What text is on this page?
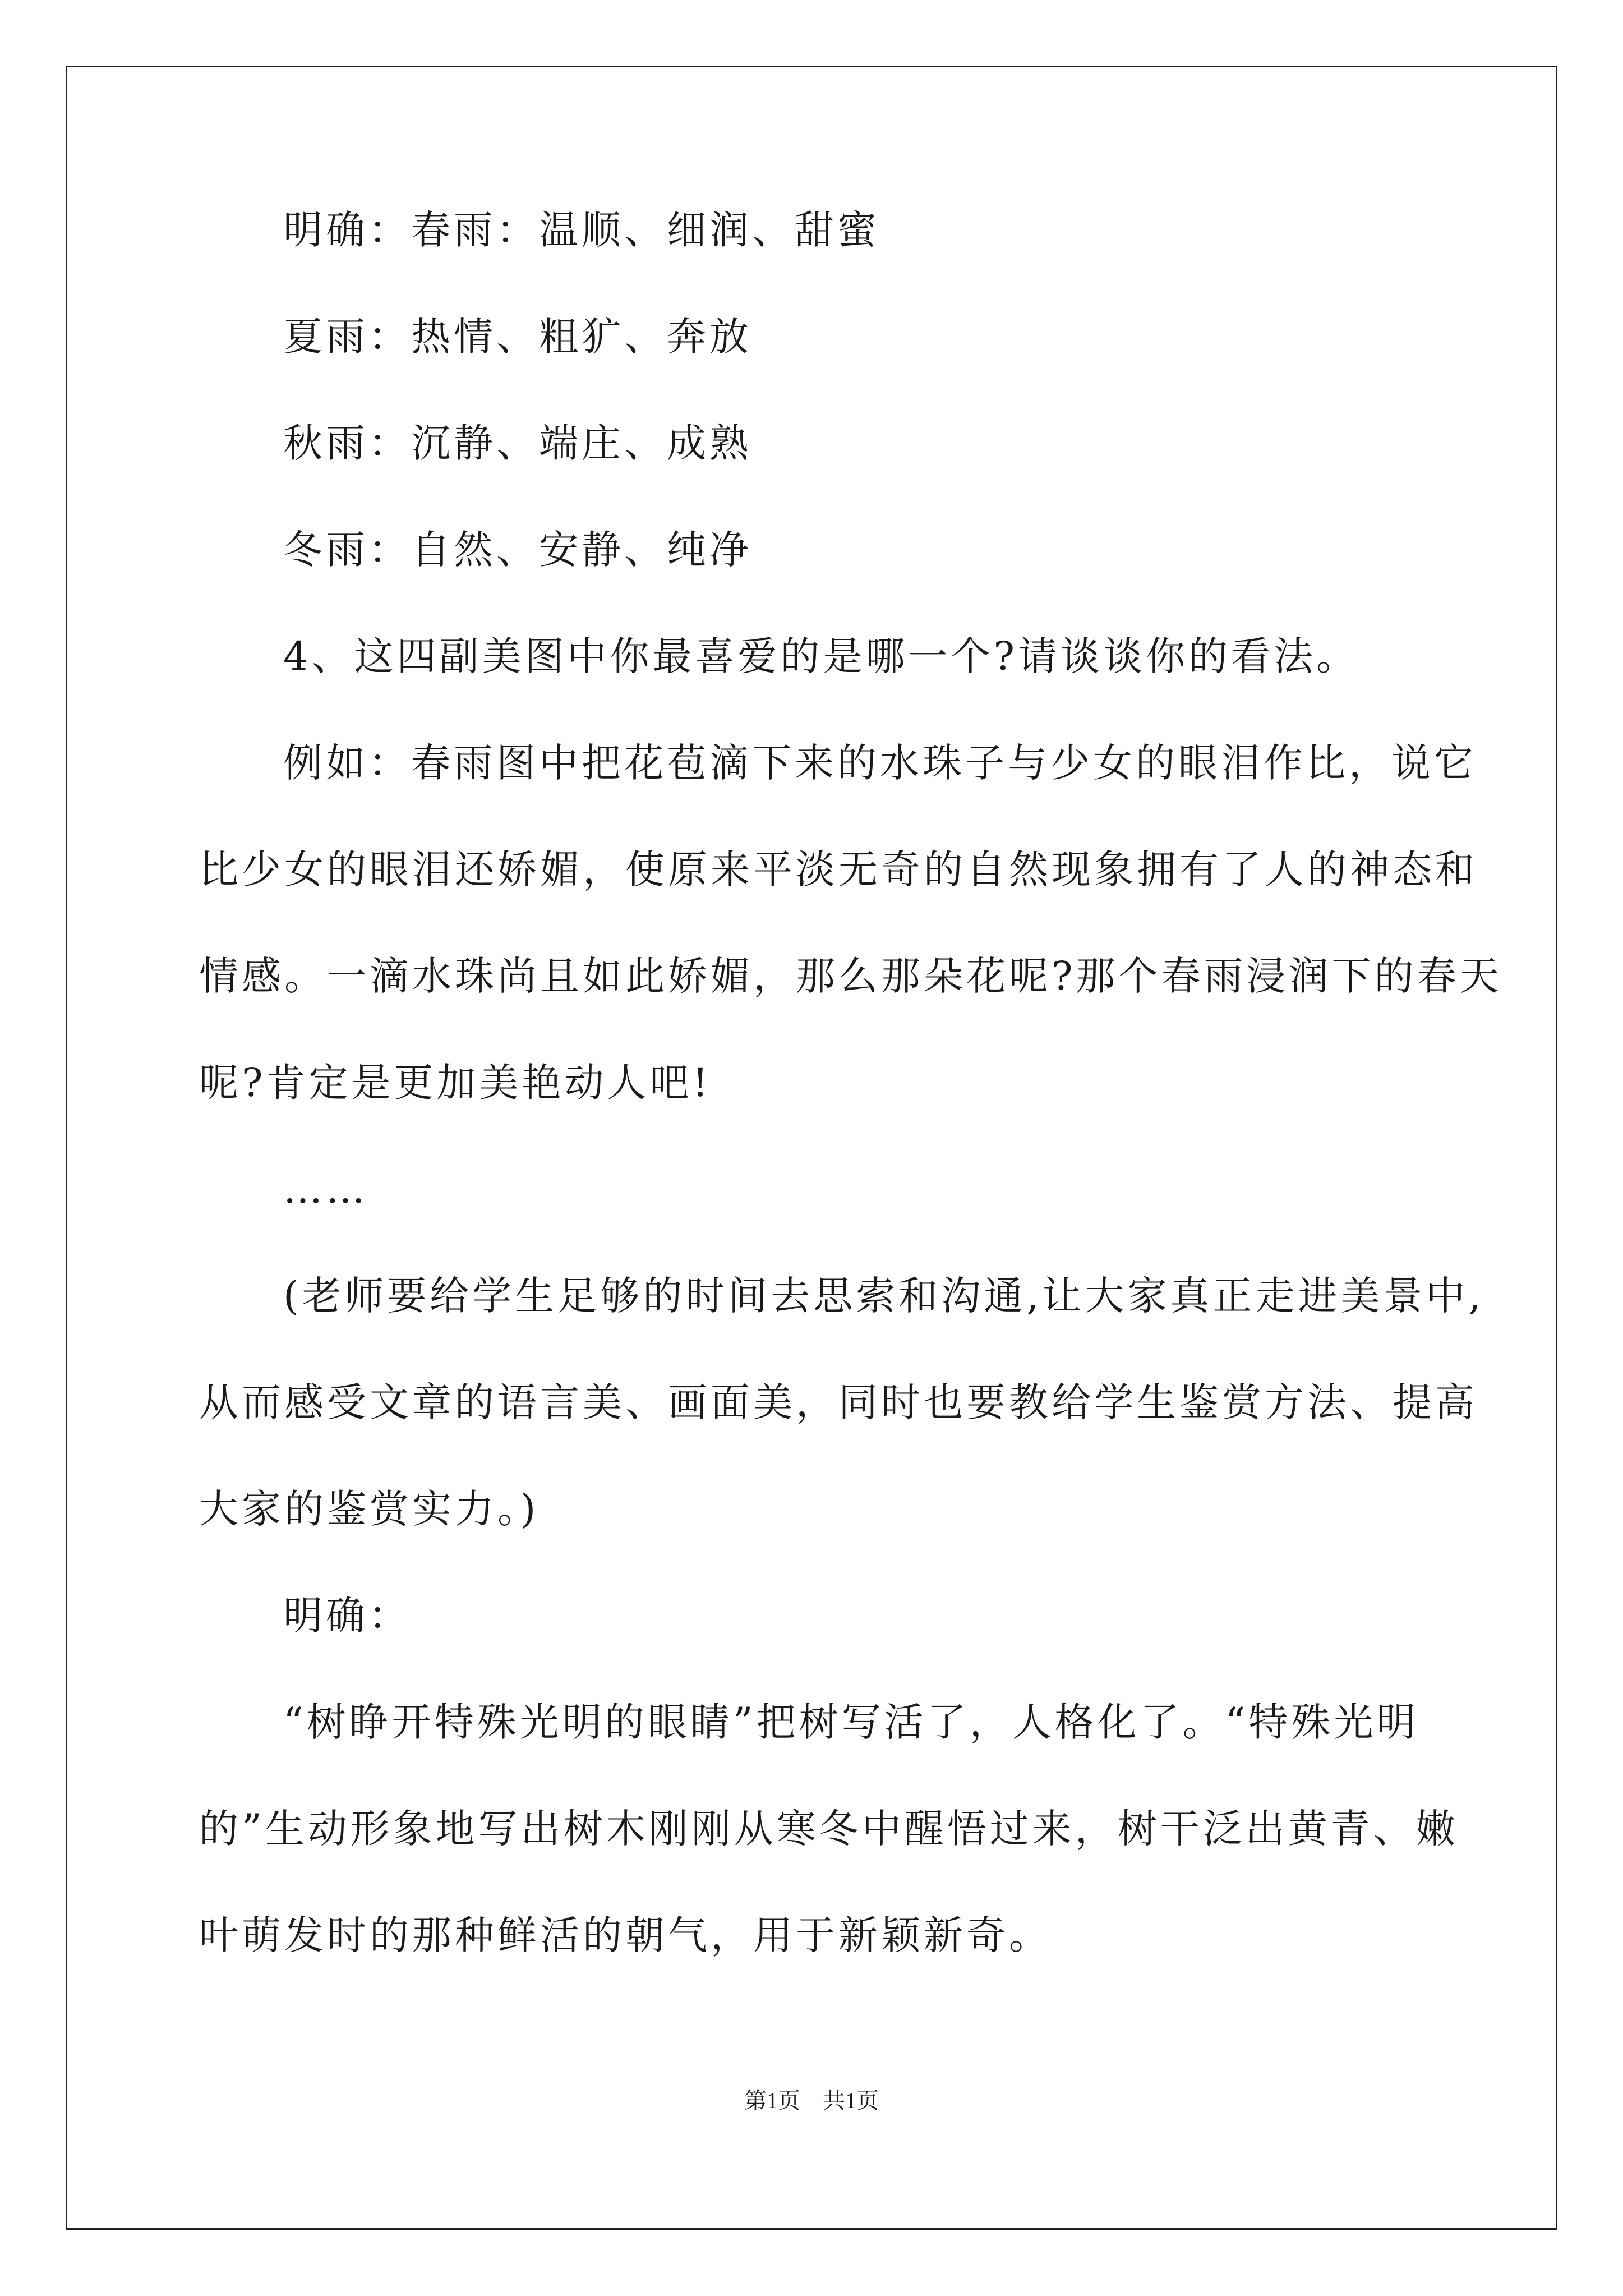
明确：春雨：温顺、细润、甜蜜
夏雨：热情、粗犷、奔放
秋雨：沉静、端庄、成熟
冬雨：自然、安静、纯净
4、这四副美图中你最喜爱的是哪一个?请谈谈你的看法。
例如：春雨图中把花苞滴下来的水珠子与少女的眼泪作比，说它
比少女的眼泪还娇媚，使原来平淡无奇的自然现象拥有了人的神态和
情感。一滴水珠尚且如此娇媚，那么那朵花呢?那个春雨浸润下的春天
呢?肯定是更加美艳动人吧!
……
(老师要给学生足够的时间去思索和沟通,让大家真正走进美景中,
从而感受文章的语言美、画面美，同时也要教给学生鉴赏方法、提高
大家的鉴赏实力。)
明确：
“树睁开特殊光明的眼睛”把树写活了，人格化了。“特殊光明
的”生动形象地写出树木刚刚从寒冬中醒悟过来，树干泛出黄青、嫩
叶萌发时的那种鲜活的朝气，用于新颖新奇。
第1页　共1页
